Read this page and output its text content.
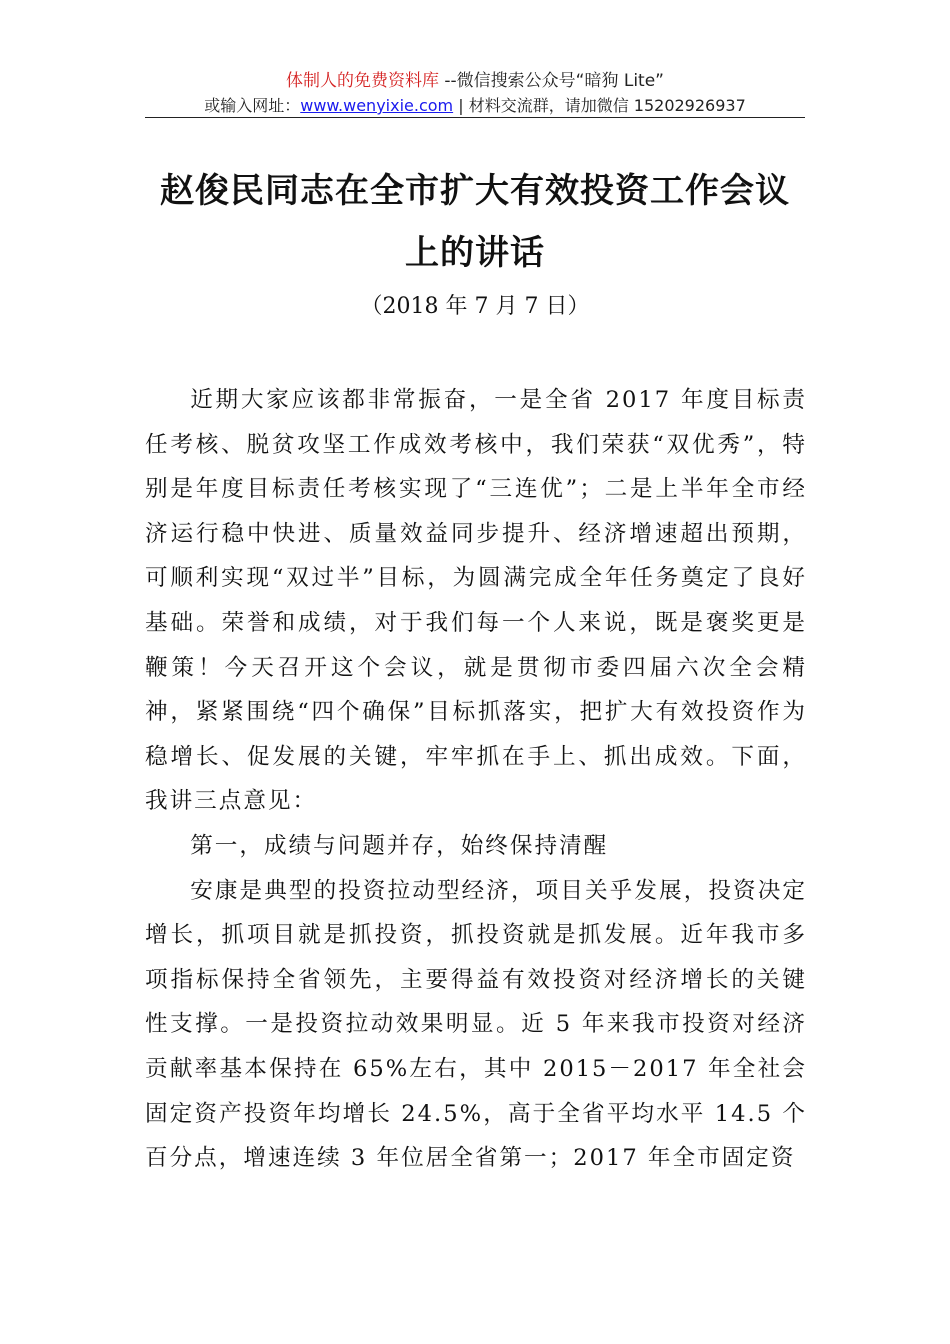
体制人的免费资料库 --微信搜索公众号“暗狗 Lite”
或输入网址：www.wenyixie.com | 材料交流群，请加微信 15202926937
赵俊民同志在全市扩大有效投资工作会议上的讲话
（2018 年 7 月 7 日）

近期大家应该都非常振奋，一是全省 2017 年度目标责任考核、脱贫攻坚工作成效考核中，我们荣获“双优秀”，特别是年度目标责任考核实现了“三连优”；二是上半年全市经济运行稳中快进、质量效益同步提升、经济增速超出预期，可顺利实现“双过半”目标，为圆满完成全年任务奠定了良好基础。荣誉和成绩，对于我们每一个人来说，既是褒奖更是鞭策！今天召开这个会议，就是贯彻市委四届六次全会精神，紧紧围绕“四个确保”目标抓落实，把扩大有效投资作为稳增长、促发展的关键，牢牢抓在手上、抓出成效。下面，我讲三点意见：

第一，成绩与问题并存，始终保持清醒

安康是典型的投资拉动型经济，项目关乎发展，投资决定增长，抓项目就是抓投资，抓投资就是抓发展。近年我市多项指标保持全省领先，主要得益有效投资对经济增长的关键性支撑。一是投资拉动效果明显。近 5 年来我市投资对经济贡献率基本保持在 65%左右，其中 2015－2017 年全社会固定资产投资年均增长 24.5%，高于全省平均水平 14.5 个百分点，增速连续 3 年位居全省第一；2017 年全市固定资
